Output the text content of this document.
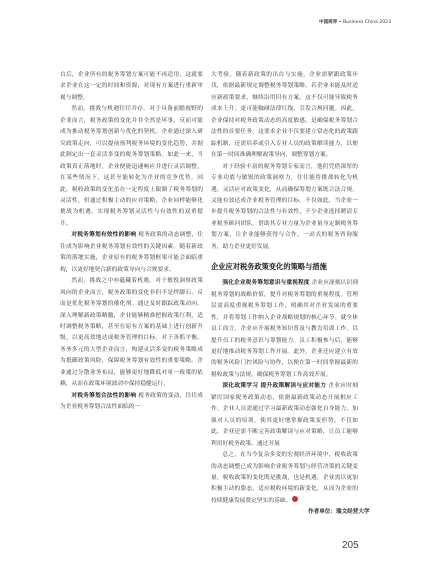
中国商界 • Business China 2023

台后，企业所有的税务筹划方案可能不再适用，这就要求企业在这一定的时间和资源，对现有方案进行重新审视与调整。

然而，挑战与机遇往往并存。对于具备前瞻视野的企业而言，税务政策的变化并非全然是坏事，反而可能成为推动税务筹划创新与优化的契机。企业通过深入研究政策走向，可以提前预判税务环境的变化趋势，并据此制定出一套灵活多变的税务筹划策略。如此一来，当政策真正落地时，企业便能迅速响应并进行灵活调整，在某些情况下，这甚至能转化为企业的竞争优势。因此，税收政策的变化虽在一定程度上限制了税务筹划的灵活性，但通过积极主动的应对策略，企业同样能够化挑战为机遇，实现税务筹划灵活性与有效性的双重提升。

对税务筹划有效性的影响 税务政策的动态调整，往往成为影响企业税务筹划有效性的关键因素。随着新政策的落地实施，企业原有的税务筹划框架可能会面临重构，以更好地契合新的政策导向与合规要求。

然而，挑战之中亦蕴藏着机遇。对于敏锐洞察政策风向的企业而言，税务政策的变化非但不是绊脚石，反而是优化税务筹划的催化剂。通过及时跟踪政策动向，深入理解新政策精髓，企业能够精准把握政策红利，适时调整税务策略，甚至在原有方案的基础上进行创新升级，以更高效地达成税务管理的目标。对于善抓平衡、务务多元的大型企业而言，构建灵活多变的税务策略成为抵御政策风险，保障税务筹划有效性的重要策略。企业通过分散业务布局，能够更好地降低对单一政策的依赖，从而在政策环境波动中保持稳健运行。

对税务筹划合法性的影响 税务政策的变动，往往成为企业税务筹划合法性面临的一

大考验。随着新政策的出台与实施，企业需紧跟政策步伐，依据最新规定调整税务筹划策略。若企业未能及时适应新政策要求，继续沿用旧有方案，这不仅可能导致税务成本上升，更可能触碰法律红线，引发合规问题。因此，企业保持对税务政策动态的高度敏感，是确保税务筹划合法性的首要任务。这要求企业不仅要建立常态化的政策跟踪机制，还需培养或引入专业人员的政策解读能力，以便在第一时间准确理解政策导向，调整筹划方案。

对于经验丰富的税务筹划专家而言，他们凭借深厚的专业功底与敏锐的政策洞察力，往往能将挑战转化为机遇，灵活应对政策变化，从而确保筹划方案既合法合规，又能有效达成企业税务管理的目标。不仅如此，当企业一步提升税务筹划的合法性与有效性，不少企业选择聘请专业税务顾问团队，借助其专业力量为企业量身定制税务筹划方案，让企业能够获得与合作，一站式的税务咨询服务，助力企业更好发展。

企业应对税务政策变化的策略与措施

强化企业税务筹划意识与重视程度 企业应深刻认识到税务筹划的战略价值，提升对税务筹划的重视程度。管理层需高度重视税务筹划工作，明确其对企业发展的重要性，并将筹划工作纳入企业战略规划的核心环节。就全体员工而言，企业应开展税务知识普及与教育培训工作，以提升员工的税务意识与筹划能力。员工积极参与后，能够更好地推动税务筹划工作开展。此外，企业还应建立有效的税务风险门控风险与协作，以便在第一时间掌握最新的税收政策与法规，确保税务筹划工作高效开展。

深化政策学习 提升政策解读与应对能力 企业应时刻紧盯国家税务政策动态，依据最新政策动态开展相应工作。企业人员需通过学习最新政策动态强化自身能力，加强对人员的培训，使其更好地掌握政策变形势。不仅如此，企业还需不断完善政策解读与应对策略，让员工能够利用好税务政策。通过开展

总之，在当今复杂多变的宏观经济环境中，税收政策的动态调整已成为影响企业税务筹划与经营决策的关键变量。税收政策的变化既是挑战，也是机遇。企业需以更加积极主动的姿态，适应税收环境的新变化，从而为企业的持续健康发展奠定坚实的基础。

作者单位：瑞文经营大学
205
